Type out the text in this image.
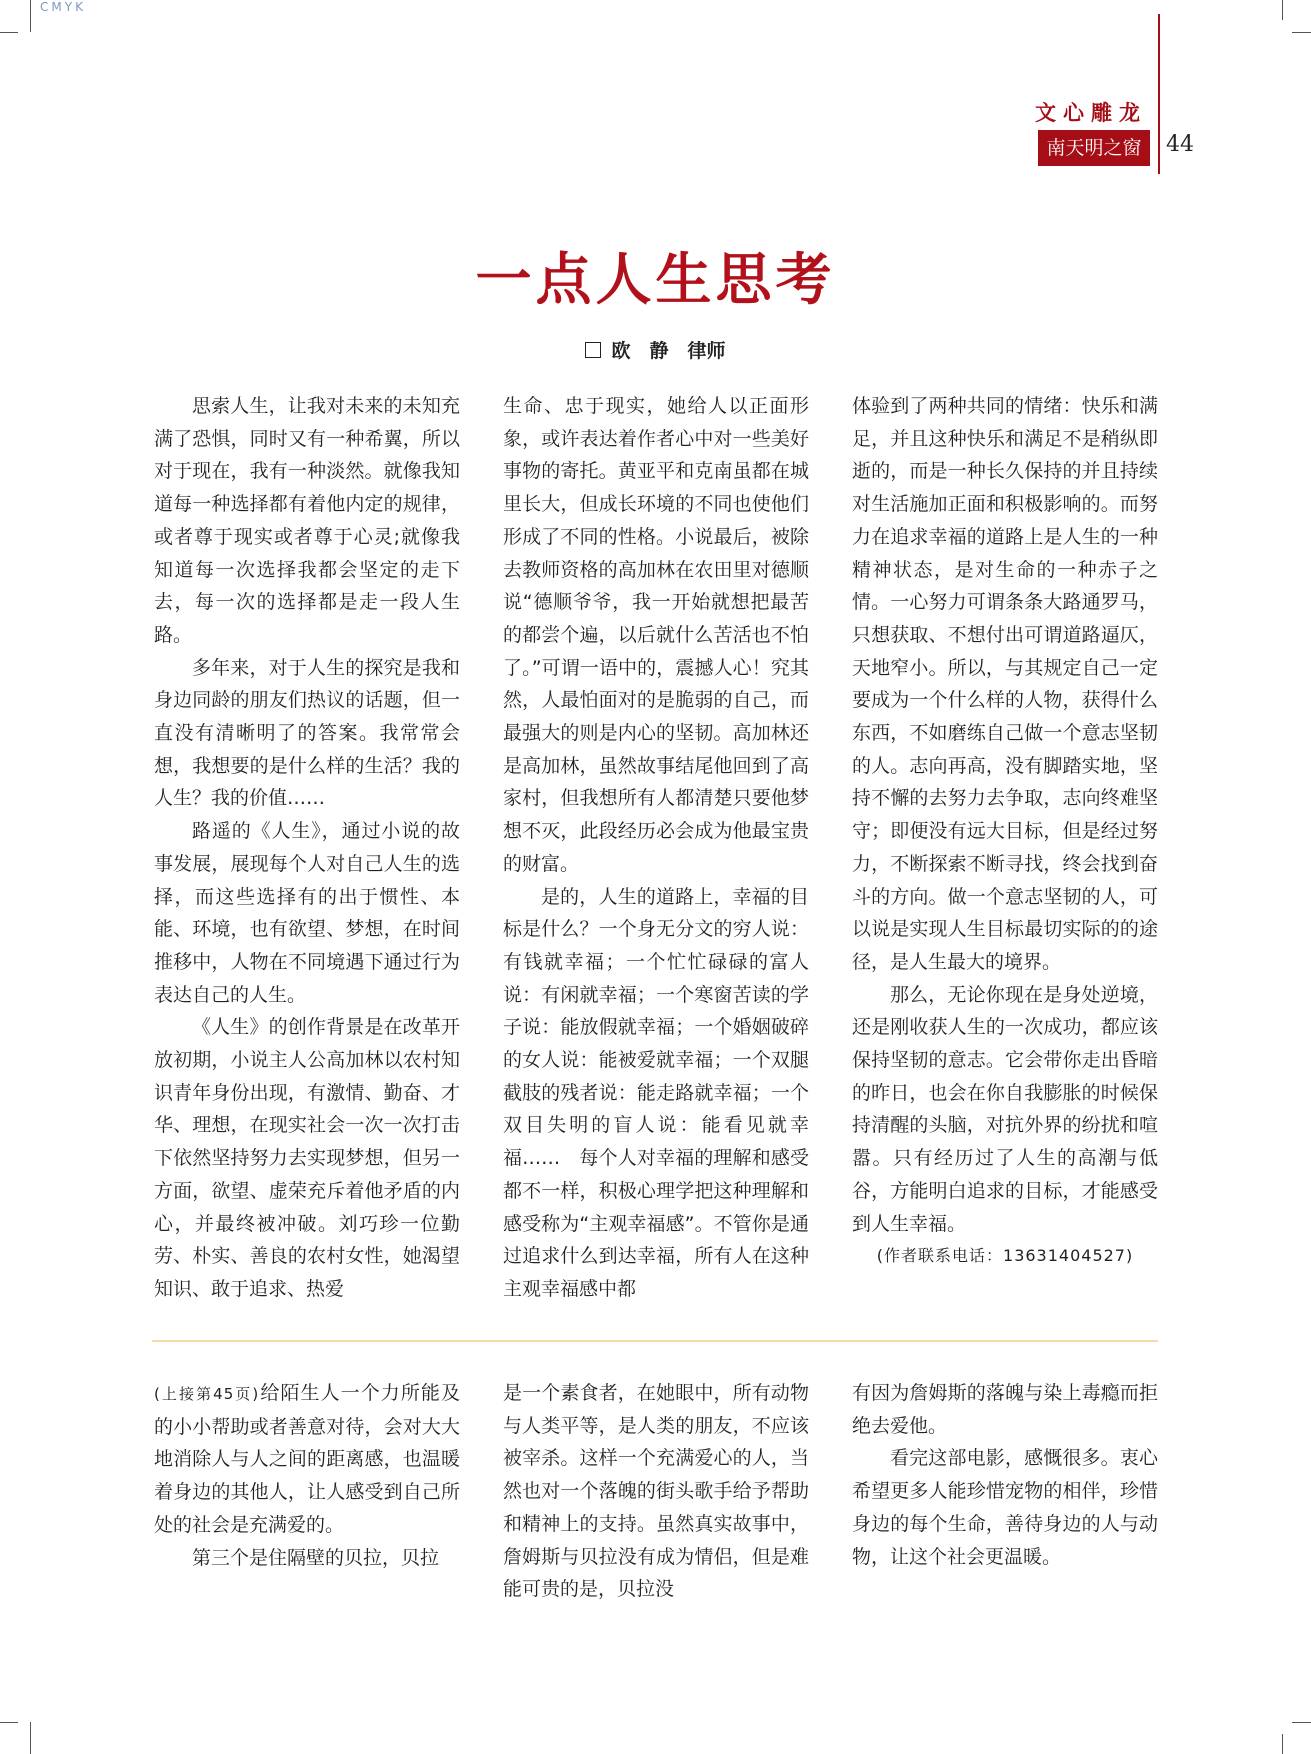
CMYK
文心雕龙
南天明之窗	44
一点人生思考
欧　静　律师

思索人生，让我对未来的未知充满了恐惧，同时又有一种希翼，所以对于现在，我有一种淡然。就像我知道每一种选择都有着他内定的规律，或者尊于现实或者尊于心灵;就像我知道每一次选择我都会坚定的走下去，每一次的选择都是走一段人生路。

多年来，对于人生的探究是我和身边同龄的朋友们热议的话题，但一直没有清晰明了的答案。我常常会想，我想要的是什么样的生活？我的人生？我的价值……

路遥的《人生》，通过小说的故事发展，展现每个人对自己人生的选择，而这些选择有的出于惯性、本能、环境，也有欲望、梦想，在时间推移中，人物在不同境遇下通过行为表达自己的人生。

《人生》的创作背景是在改革开放初期，小说主人公高加林以农村知识青年身份出现，有激情、勤奋、才华、理想，在现实社会一次一次打击下依然坚持努力去实现梦想，但另一方面，欲望、虚荣充斥着他矛盾的内心，并最终被冲破。刘巧珍一位勤劳、朴实、善良的农村女性，她渴望知识、敢于追求、热爱

生命、忠于现实，她给人以正面形象，或许表达着作者心中对一些美好事物的寄托。黄亚平和克南虽都在城里长大，但成长环境的不同也使他们形成了不同的性格。小说最后，被除去教师资格的高加林在农田里对德顺说“德顺爷爷，我一开始就想把最苦的都尝个遍，以后就什么苦活也不怕了。”可谓一语中的，震撼人心！究其然，人最怕面对的是脆弱的自己，而最强大的则是内心的坚韧。高加林还是高加林，虽然故事结尾他回到了高家村，但我想所有人都清楚只要他梦想不灭，此段经历必会成为他最宝贵的财富。

是的，人生的道路上，幸福的目标是什么？一个身无分文的穷人说：有钱就幸福；一个忙忙碌碌的富人说：有闲就幸福；一个寒窗苦读的学子说：能放假就幸福；一个婚姻破碎的女人说：能被爱就幸福；一个双腿截肢的残者说：能走路就幸福；一个双目失明的盲人说：能看见就幸福……　每个人对幸福的理解和感受都不一样，积极心理学把这种理解和感受称为“主观幸福感”。不管你是通过追求什么到达幸福，所有人在这种主观幸福感中都

体验到了两种共同的情绪：快乐和满足，并且这种快乐和满足不是稍纵即逝的，而是一种长久保持的并且持续对生活施加正面和积极影响的。而努力在追求幸福的道路上是人生的一种精神状态，是对生命的一种赤子之情。一心努力可谓条条大路通罗马，只想获取、不想付出可谓道路逼仄，天地窄小。所以，与其规定自己一定要成为一个什么样的人物，获得什么东西，不如磨练自己做一个意志坚韧的人。志向再高，没有脚踏实地，坚持不懈的去努力去争取，志向终难坚守；即便没有远大目标，但是经过努力，不断探索不断寻找，终会找到奋斗的方向。做一个意志坚韧的人，可以说是实现人生目标最切实际的的途径，是人生最大的境界。

那么，无论你现在是身处逆境，还是刚收获人生的一次成功，都应该保持坚韧的意志。它会带你走出昏暗的昨日，也会在你自我膨胀的时候保持清醒的头脑，对抗外界的纷扰和喧嚣。只有经历过了人生的高潮与低谷，方能明白追求的目标，才能感受到人生幸福。

(作者联系电话：13631404527)

(上接第45页)给陌生人一个力所能及的小小帮助或者善意对待，会对大大地消除人与人之间的距离感，也温暖着身边的其他人，让人感受到自己所处的社会是充满爱的。

第三个是住隔壁的贝拉，贝拉

是一个素食者，在她眼中，所有动物与人类平等，是人类的朋友，不应该被宰杀。这样一个充满爱心的人，当然也对一个落魄的街头歌手给予帮助和精神上的支持。虽然真实故事中，詹姆斯与贝拉没有成为情侣，但是难能可贵的是，贝拉没

有因为詹姆斯的落魄与染上毒瘾而拒绝去爱他。

看完这部电影，感慨很多。衷心希望更多人能珍惜宠物的相伴，珍惜身边的每个生命，善待身边的人与动物，让这个社会更温暖。
